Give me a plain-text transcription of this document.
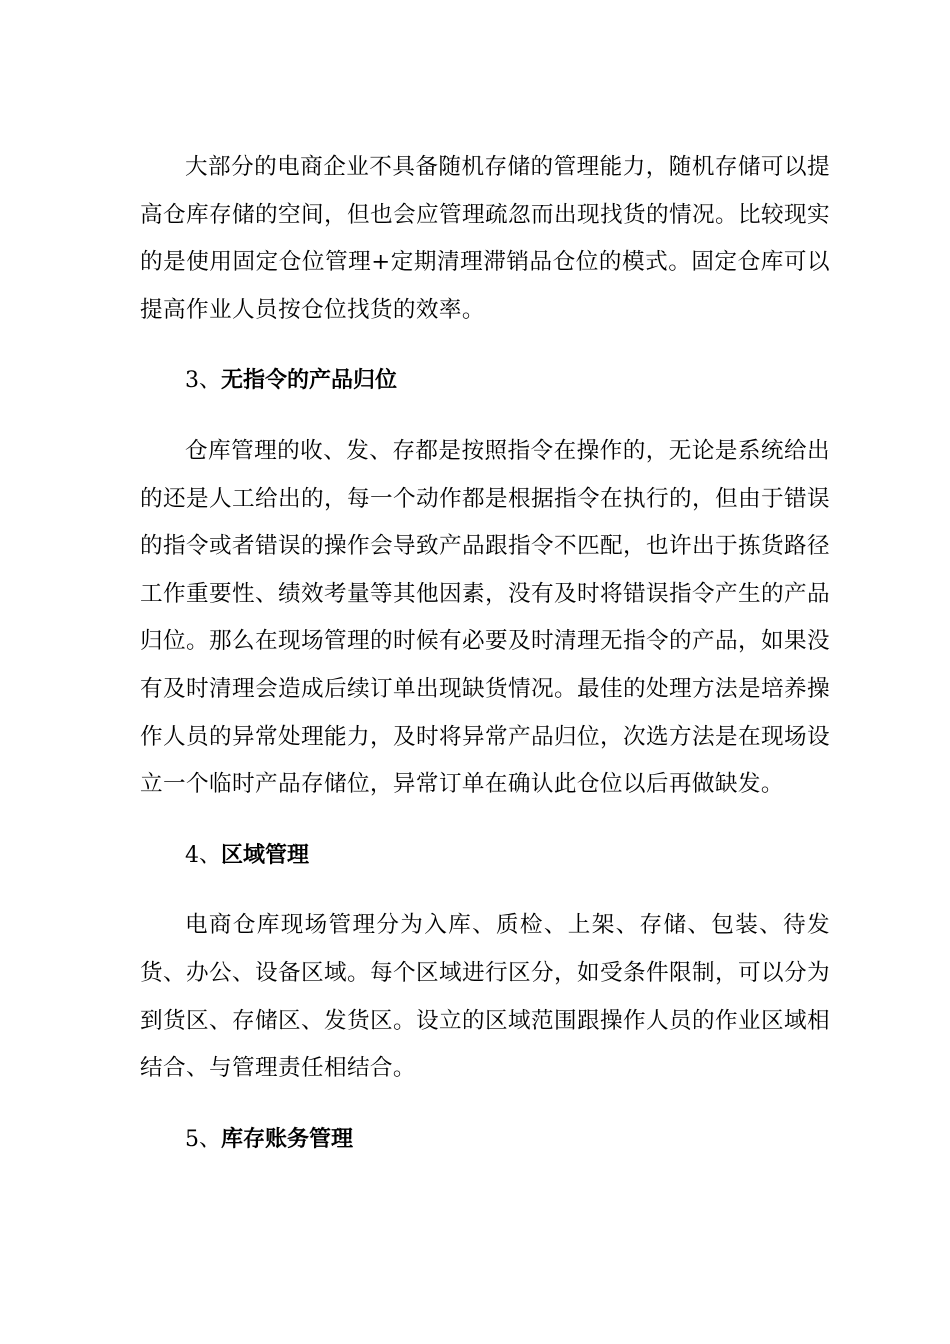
大部分的电商企业不具备随机存储的管理能力，随机存储可以提高仓库存储的空间，但也会应管理疏忽而出现找货的情况。比较现实的是使用固定仓位管理+定期清理滞销品仓位的模式。固定仓库可以提高作业人员按仓位找货的效率。

3、无指令的产品归位

仓库管理的收、发、存都是按照指令在操作的，无论是系统给出的还是人工给出的，每一个动作都是根据指令在执行的，但由于错误的指令或者错误的操作会导致产品跟指令不匹配，也许出于拣货路径工作重要性、绩效考量等其他因素，没有及时将错误指令产生的产品归位。那么在现场管理的时候有必要及时清理无指令的产品，如果没有及时清理会造成后续订单出现缺货情况。最佳的处理方法是培养操作人员的异常处理能力，及时将异常产品归位，次选方法是在现场设立一个临时产品存储位，异常订单在确认此仓位以后再做缺发。

4、区域管理

电商仓库现场管理分为入库、质检、上架、存储、包装、待发货、办公、设备区域。每个区域进行区分，如受条件限制，可以分为到货区、存储区、发货区。设立的区域范围跟操作人员的作业区域相结合、与管理责任相结合。

5、库存账务管理
